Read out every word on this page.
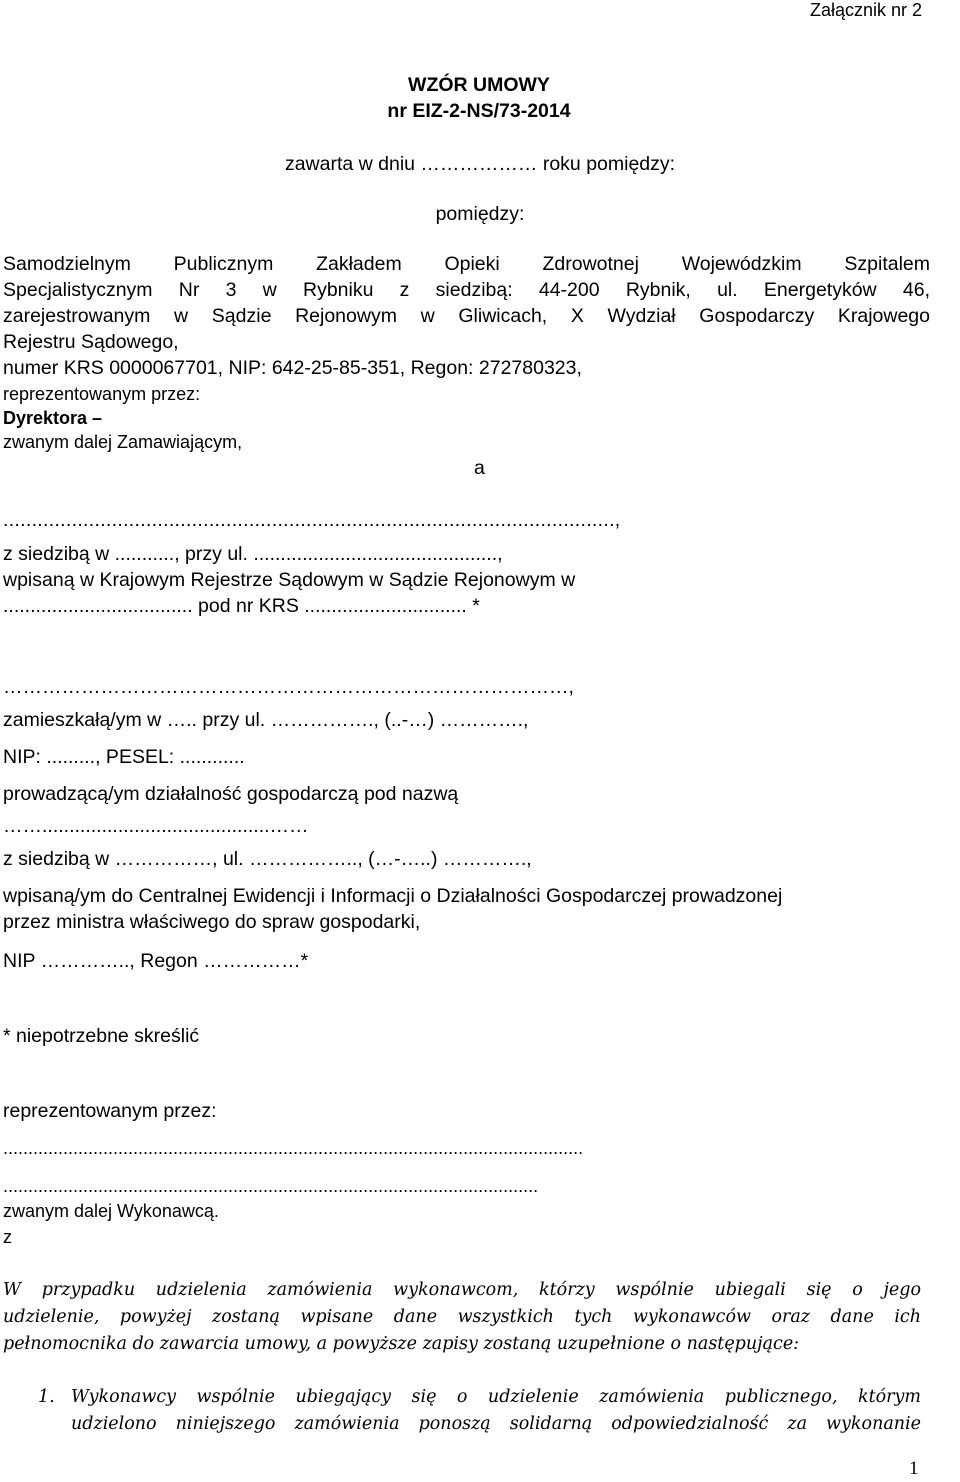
Załącznik nr 2
WZÓR UMOWY
nr EIZ-2-NS/73-2014
zawarta w dniu ……………… roku pomiędzy:
pomiędzy:
Samodzielnym Publicznym Zakładem Opieki Zdrowotnej Wojewódzkim Szpitalem
Specjalistycznym Nr 3 w Rybniku z siedzibą: 44-200 Rybnik, ul. Energetyków 46,
zarejestrowanym w Sądzie Rejonowym w Gliwicach, X Wydział Gospodarczy Krajowego
Rejestru Sądowego,
numer KRS 0000067701, NIP: 642-25-85-351, Regon: 272780323,
reprezentowanym przez:
Dyrektora –
zwanym dalej Zamawiającym,
a
...........................................................................................................,
z siedzibą w ..........., przy ul. .............................................,
wpisaną w Krajowym Rejestrze Sądowym w Sądzie Rejonowym w
................................... pod nr KRS .............................. *
……………………………………………………………………………,
zamieszkałą/ym w ….. przy ul. ……………., (..-…) ………….,
NIP: ........., PESEL: ............
prowadzącą/ym działalność gospodarczą pod nazwą
……..........................................……
z siedzibą w ……………, ul. …………….., (…-…..) ………….,
wpisaną/ym do Centralnej Ewidencji i Informacji o Działalności Gospodarczej prowadzonej
przez ministra właściwego do spraw gospodarki,
NIP ………….., Regon ……………*
* niepotrzebne skreślić
reprezentowanym przez:
....................................................................................................................
...........................................................................................................
zwanym dalej Wykonawcą.
z
W przypadku udzielenia zamówienia wykonawcom, którzy wspólnie ubiegali się o jego
udzielenie, powyżej zostaną wpisane dane wszystkich tych wykonawców oraz dane ich
pełnomocnika do zawarcia umowy, a powyższe zapisy zostaną uzupełnione o następujące:
1. Wykonawcy wspólnie ubiegający się o udzielenie zamówienia publicznego, którym
udzielono niniejszego zamówienia ponoszą solidarną odpowiedzialność za wykonanie
1
